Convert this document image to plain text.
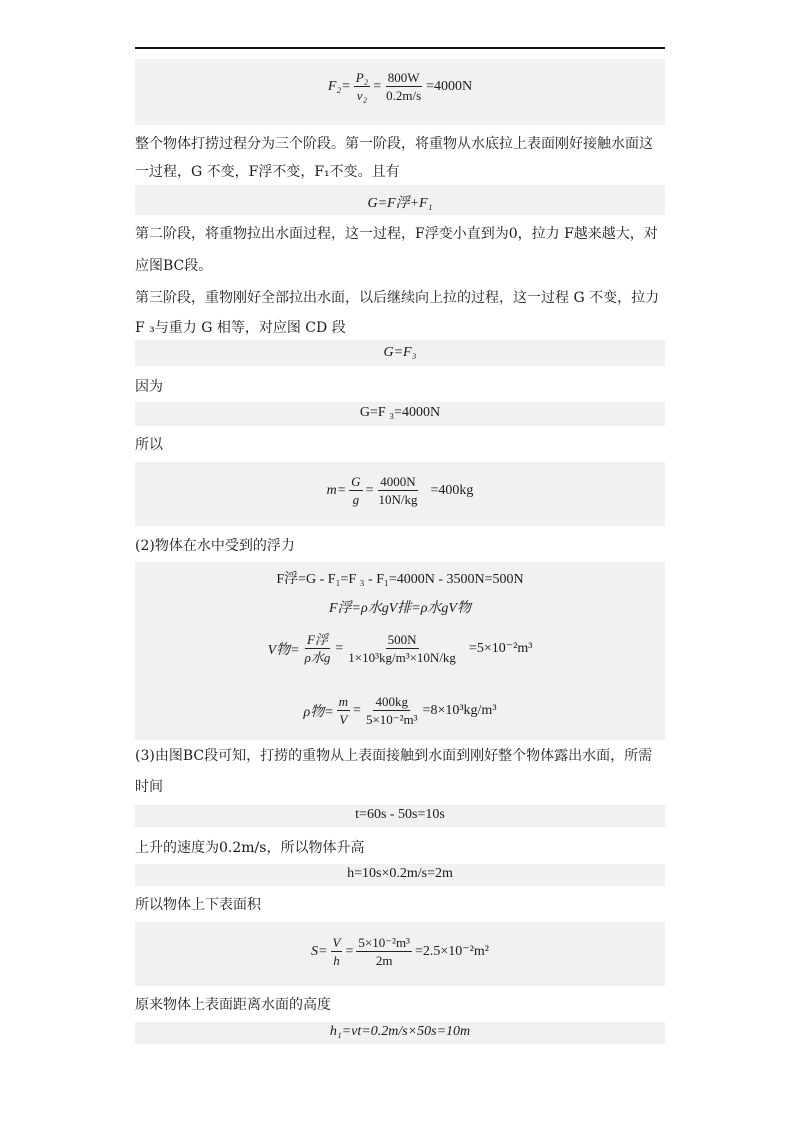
$F_2= \frac{\text{P₂}}{\text{v₂}} = \frac{800W}{0.2m/s} =4000N$
整个物体打捞过程分为三个阶段。第一阶段，将重物从水底拉上表面刚好接触水面这
一过程，G 不变，F浮不变，F₁不变。且有
G=F浮+F₁
第二阶段，将重物拉出水面过程，这一过程，F浮变小直到为0，拉力 F越来越大，对
应图BC段。
第三阶段，重物刚好全部拉出水面，以后继续向上拉的过程，这一过程 G 不变，拉力
F ₃与重力 G 相等，对应图 CD 段
G=F₃
因为
G=F ₃=4000N
所以
$m= \frac{G}{g} = \frac{4000N}{10N/kg} =400kg$
(2)物体在水中受到的浮力
F浮=G - F₁=F ₃ - F₁=4000N - 3500N=500N
F浮=ρ水gV排=ρ水gV物
V物= $\frac{\text{F浮}}{\text{ρ水g}} = \frac{500N}{\text{1×10³kg/m³×10N/kg}} =5\times 10^{-2}m^3$
ρ物= $\frac{m}{V} = \frac{400kg}{\text{5×10⁻²m³}} =8\times 10^3kg/m^3$
(3)由图BC段可知，打捞的重物从上表面接触到水面到刚好整个物体露出水面，所需
时间
t=60s - 50s=10s
上升的速度为0.2m/s，所以物体升高
h=10s×0.2m/s=2m
所以物体上下表面积
$S= \frac{V}{h} = \frac{\text{5×10⁻²m³}}{2m} =2.5\times 10^{-2}m^2$
原来物体上表面距离水面的高度
h₁=vt=0.2m/s×50s=10m
